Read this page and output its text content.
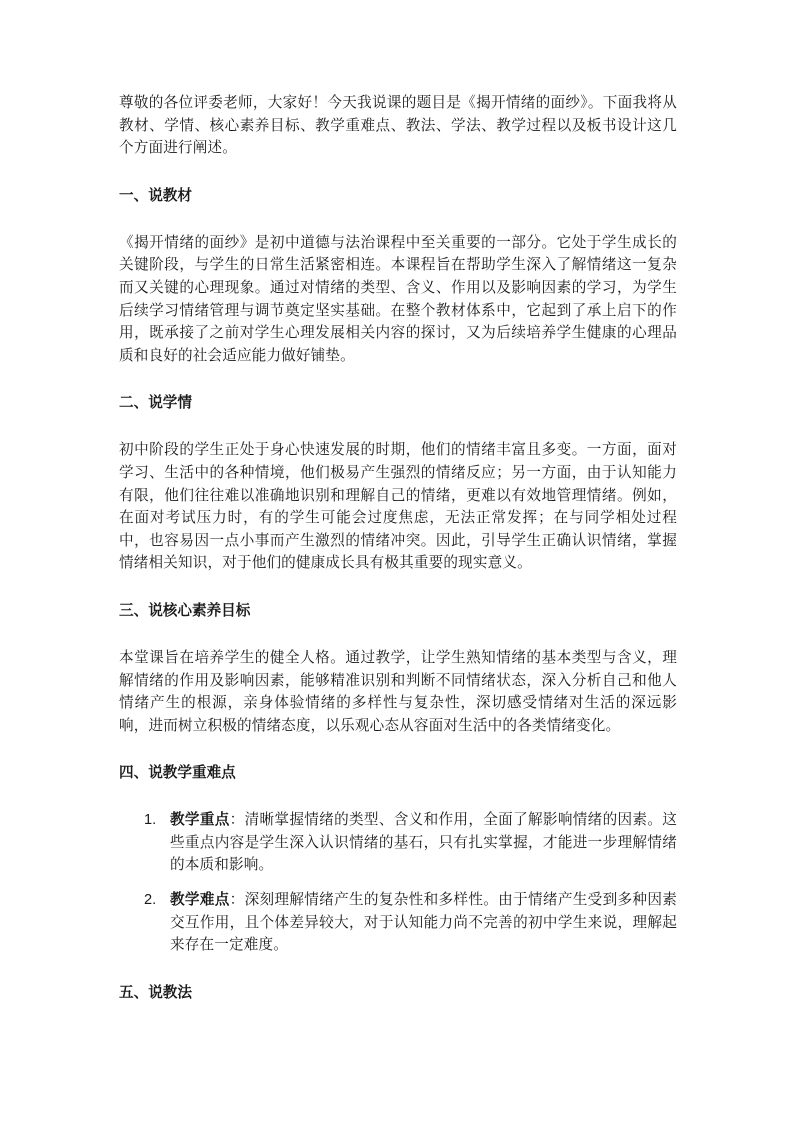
尊敬的各位评委老师，大家好！今天我说课的题目是《揭开情绪的面纱》。下面我将从教材、学情、核心素养目标、教学重难点、教法、学法、教学过程以及板书设计这几个方面进行阐述。

一、说教材

《揭开情绪的面纱》是初中道德与法治课程中至关重要的一部分。它处于学生成长的关键阶段，与学生的日常生活紧密相连。本课程旨在帮助学生深入了解情绪这一复杂而又关键的心理现象。通过对情绪的类型、含义、作用以及影响因素的学习，为学生后续学习情绪管理与调节奠定坚实基础。在整个教材体系中，它起到了承上启下的作用，既承接了之前对学生心理发展相关内容的探讨，又为后续培养学生健康的心理品质和良好的社会适应能力做好铺垫。

二、说学情

初中阶段的学生正处于身心快速发展的时期，他们的情绪丰富且多变。一方面，面对学习、生活中的各种情境，他们极易产生强烈的情绪反应；另一方面，由于认知能力有限，他们往往难以准确地识别和理解自己的情绪，更难以有效地管理情绪。例如，在面对考试压力时，有的学生可能会过度焦虑，无法正常发挥；在与同学相处过程中，也容易因一点小事而产生激烈的情绪冲突。因此，引导学生正确认识情绪，掌握情绪相关知识，对于他们的健康成长具有极其重要的现实意义。

三、说核心素养目标

本堂课旨在培养学生的健全人格。通过教学，让学生熟知情绪的基本类型与含义，理解情绪的作用及影响因素，能够精准识别和判断不同情绪状态，深入分析自己和他人情绪产生的根源，亲身体验情绪的多样性与复杂性，深切感受情绪对生活的深远影响，进而树立积极的情绪态度，以乐观心态从容面对生活中的各类情绪变化。

四、说教学重难点
1. 教学重点：清晰掌握情绪的类型、含义和作用，全面了解影响情绪的因素。这些重点内容是学生深入认识情绪的基石，只有扎实掌握，才能进一步理解情绪的本质和影响。

2. 教学难点：深刻理解情绪产生的复杂性和多样性。由于情绪产生受到多种因素交互作用，且个体差异较大，对于认知能力尚不完善的初中学生来说，理解起来存在一定难度。

五、说教法
